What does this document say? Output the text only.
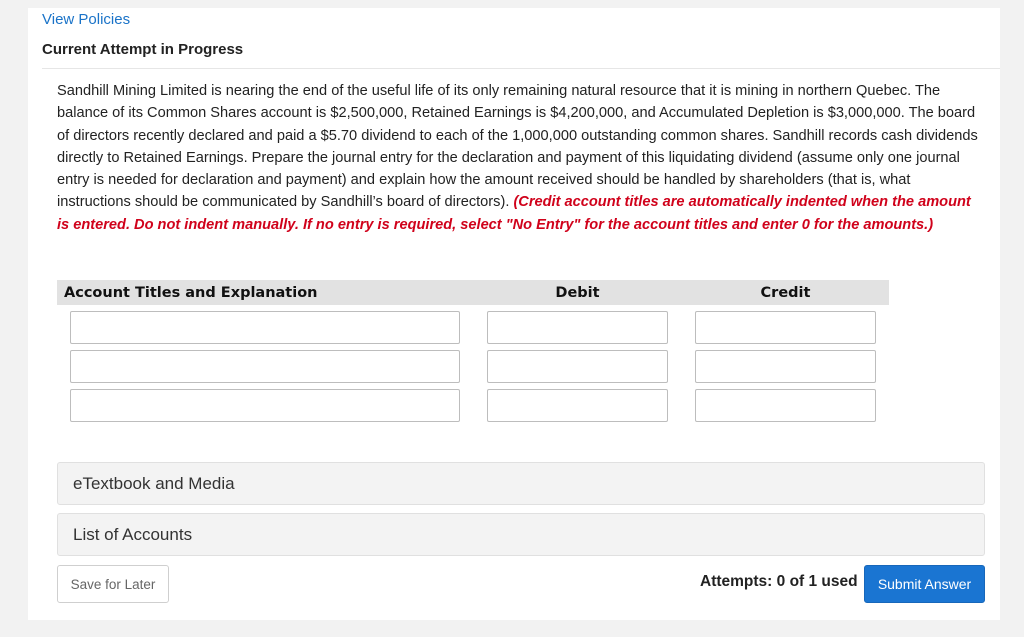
View Policies
Current Attempt in Progress
Sandhill Mining Limited is nearing the end of the useful life of its only remaining natural resource that it is mining in northern Quebec. The balance of its Common Shares account is $2,500,000, Retained Earnings is $4,200,000, and Accumulated Depletion is $3,000,000. The board of directors recently declared and paid a $5.70 dividend to each of the 1,000,000 outstanding common shares. Sandhill records cash dividends directly to Retained Earnings. Prepare the journal entry for the declaration and payment of this liquidating dividend (assume only one journal entry is needed for declaration and payment) and explain how the amount received should be handled by shareholders (that is, what instructions should be communicated by Sandhill’s board of directors). (Credit account titles are automatically indented when the amount is entered. Do not indent manually. If no entry is required, select "No Entry" for the account titles and enter 0 for the amounts.)
Account Titles and Explanation	Debit	Credit
eTextbook and Media
List of Accounts
Save for Later	Attempts: 0 of 1 used	Submit Answer
